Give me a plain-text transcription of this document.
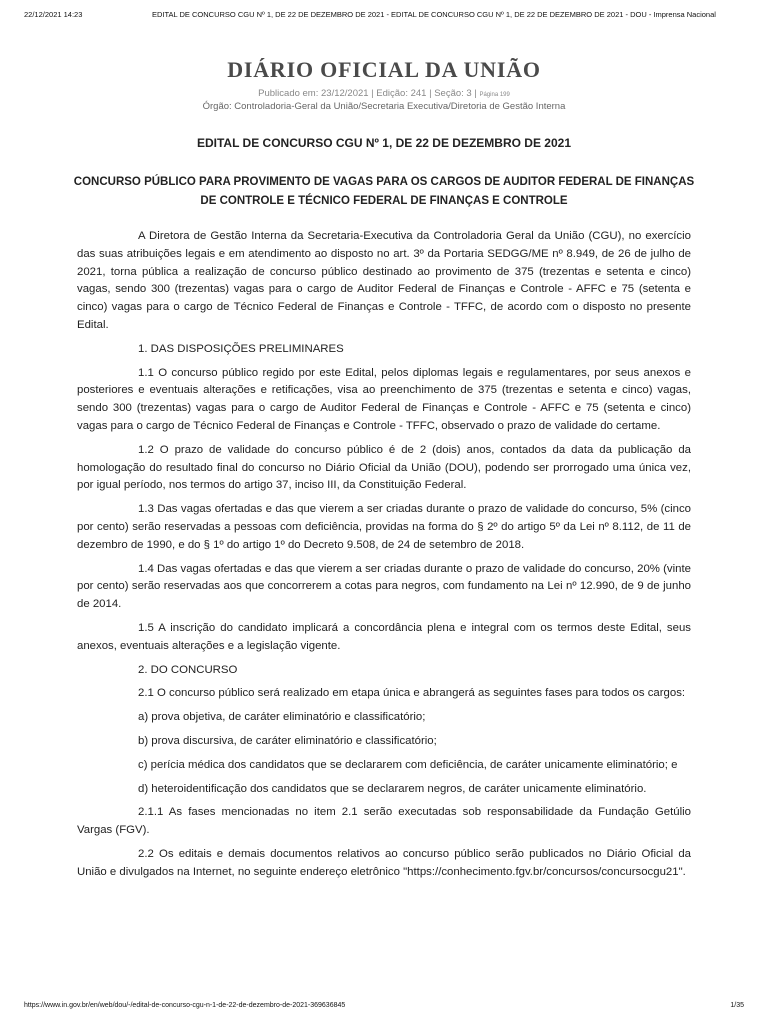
22/12/2021 14:23	EDITAL DE CONCURSO CGU Nº 1, DE 22 DE DEZEMBRO DE 2021 - EDITAL DE CONCURSO CGU Nº 1, DE 22 DE DEZEMBRO DE 2021 - DOU - Imprensa Nacional
DIÁRIO OFICIAL DA UNIÃO
Publicado em: 23/12/2021 | Edição: 241 | Seção: 3 | Página 199
Órgão: Controladoria-Geral da União/Secretaria Executiva/Diretoria de Gestão Interna
EDITAL DE CONCURSO CGU Nº 1, DE 22 DE DEZEMBRO DE 2021
CONCURSO PÚBLICO PARA PROVIMENTO DE VAGAS PARA OS CARGOS DE AUDITOR FEDERAL DE FINANÇAS DE CONTROLE E TÉCNICO FEDERAL DE FINANÇAS E CONTROLE

A Diretora de Gestão Interna da Secretaria-Executiva da Controladoria Geral da União (CGU), no exercício das suas atribuições legais e em atendimento ao disposto no art. 3º da Portaria SEDGG/ME nº 8.949, de 26 de julho de 2021, torna pública a realização de concurso público destinado ao provimento de 375 (trezentas e setenta e cinco) vagas, sendo 300 (trezentas) vagas para o cargo de Auditor Federal de Finanças e Controle - AFFC e 75 (setenta e cinco) vagas para o cargo de Técnico Federal de Finanças e Controle - TFFC, de acordo com o disposto no presente Edital.

1. DAS DISPOSIÇÕES PRELIMINARES

1.1 O concurso público regido por este Edital, pelos diplomas legais e regulamentares, por seus anexos e posteriores e eventuais alterações e retificações, visa ao preenchimento de 375 (trezentas e setenta e cinco) vagas, sendo 300 (trezentas) vagas para o cargo de Auditor Federal de Finanças e Controle - AFFC e 75 (setenta e cinco) vagas para o cargo de Técnico Federal de Finanças e Controle - TFFC, observado o prazo de validade do certame.

1.2 O prazo de validade do concurso público é de 2 (dois) anos, contados da data da publicação da homologação do resultado final do concurso no Diário Oficial da União (DOU), podendo ser prorrogado uma única vez, por igual período, nos termos do artigo 37, inciso III, da Constituição Federal.

1.3 Das vagas ofertadas e das que vierem a ser criadas durante o prazo de validade do concurso, 5% (cinco por cento) serão reservadas a pessoas com deficiência, providas na forma do § 2º do artigo 5º da Lei nº 8.112, de 11 de dezembro de 1990, e do § 1º do artigo 1º do Decreto 9.508, de 24 de setembro de 2018.

1.4 Das vagas ofertadas e das que vierem a ser criadas durante o prazo de validade do concurso, 20% (vinte por cento) serão reservadas aos que concorrerem a cotas para negros, com fundamento na Lei nº 12.990, de 9 de junho de 2014.

1.5 A inscrição do candidato implicará a concordância plena e integral com os termos deste Edital, seus anexos, eventuais alterações e a legislação vigente.

2. DO CONCURSO

2.1 O concurso público será realizado em etapa única e abrangerá as seguintes fases para todos os cargos:

a) prova objetiva, de caráter eliminatório e classificatório;

b) prova discursiva, de caráter eliminatório e classificatório;

c) perícia médica dos candidatos que se declararem com deficiência, de caráter unicamente eliminatório; e

d) heteroidentificação dos candidatos que se declararem negros, de caráter unicamente eliminatório.

2.1.1 As fases mencionadas no item 2.1 serão executadas sob responsabilidade da Fundação Getúlio Vargas (FGV).

2.2 Os editais e demais documentos relativos ao concurso público serão publicados no Diário Oficial da União e divulgados na Internet, no seguinte endereço eletrônico "https://conhecimento.fgv.br/concursos/concursocgu21".

https://www.in.gov.br/en/web/dou/-/edital-de-concurso-cgu-n-1-de-22-de-dezembro-de-2021-369636845	1/35
